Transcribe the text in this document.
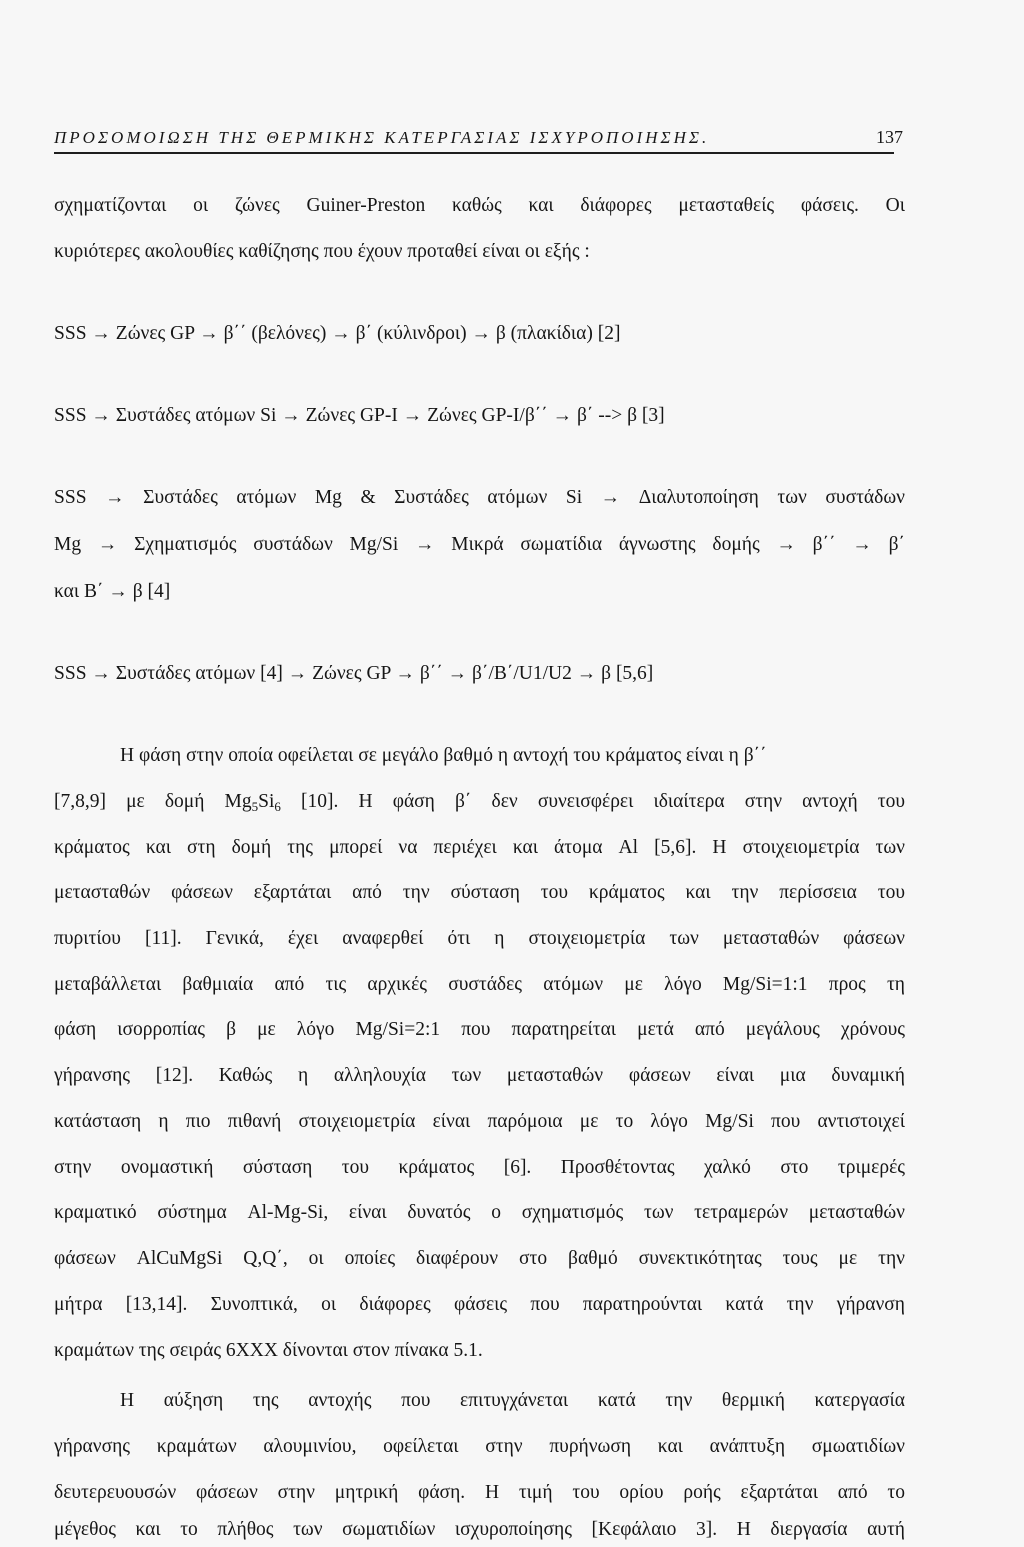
ΠΡΟΣΟΜΟΙΩΣΗ ΤΗΣ ΘΕΡΜΙΚΗΣ ΚΑΤΕΡΓΑΣΙΑΣ ΙΣΧΥΡΟΠΟΙΗΣΗΣ.	137
σχηματίζονται οι ζώνες Guiner-Preston καθώς και διάφορες μετασταθείς φάσεις. Οι
κυριότερες ακολουθίες καθίζησης που έχουν προταθεί είναι οι εξής :
SSS → Ζώνες GP → β΄΄ (βελόνες) → β΄ (κύλινδροι) → β (πλακίδια) [2]
SSS → Συστάδες ατόμων Si → Ζώνες GP-I → Ζώνες GP-I/β΄΄ → β΄ --> β [3]
SSS → Συστάδες ατόμων Mg & Συστάδες ατόμων Si → Διαλυτοποίηση των συστάδων
Mg → Σχηματισμός συστάδων Mg/Si → Μικρά σωματίδια άγνωστης δομής → β΄΄ → β΄
και Β΄ → β [4]
SSS → Συστάδες ατόμων [4] → Ζώνες GP → β΄΄ → β΄/Β΄/U1/U2 → β [5,6]
Η φάση στην οποία οφείλεται σε μεγάλο βαθμό η αντοχή του κράματος είναι η β΄΄
[7,8,9] με δομή $Mg_5Si_6$ [10]. Η φάση β΄ δεν συνεισφέρει ιδιαίτερα στην αντοχή του
κράματος και στη δομή της μπορεί να περιέχει και άτομα Al [5,6]. Η στοιχειομετρία των
μετασταθών φάσεων εξαρτάται από την σύσταση του κράματος και την περίσσεια του
πυριτίου [11]. Γενικά, έχει αναφερθεί ότι η στοιχειομετρία των μετασταθών φάσεων
μεταβάλλεται βαθμιαία από τις αρχικές συστάδες ατόμων με λόγο Mg/Si=1:1 προς τη
φάση ισορροπίας β με λόγο Mg/Si=2:1 που παρατηρείται μετά από μεγάλους χρόνους
γήρανσης [12]. Καθώς η αλληλουχία των μετασταθών φάσεων είναι μια δυναμική
κατάσταση η πιο πιθανή στοιχειομετρία είναι παρόμοια με το λόγο Mg/Si που αντιστοιχεί
στην ονομαστική σύσταση του κράματος [6]. Προσθέτοντας χαλκό στο τριμερές
κραματικό σύστημα Al-Mg-Si, είναι δυνατός ο σχηματισμός των τετραμερών μετασταθών
φάσεων AlCuMgSi Q,Q΄, οι οποίες διαφέρουν στο βαθμό συνεκτικότητας τους με την
μήτρα [13,14]. Συνοπτικά, οι διάφορες φάσεις που παρατηρούνται κατά την γήρανση
κραμάτων της σειράς 6XXX δίνονται στον πίνακα 5.1.
Η αύξηση της αντοχής που επιτυγχάνεται κατά την θερμική κατεργασία
γήρανσης κραμάτων αλουμινίου, οφείλεται στην πυρήνωση και ανάπτυξη σμωατιδίων
δευτερευουσών φάσεων στην μητρική φάση. Η τιμή του ορίου ροής εξαρτάται από το
μέγεθος και το πλήθος των σωματιδίων ισχυροποίησης [Κεφάλαιο 3]. Η διεργασία αυτή
